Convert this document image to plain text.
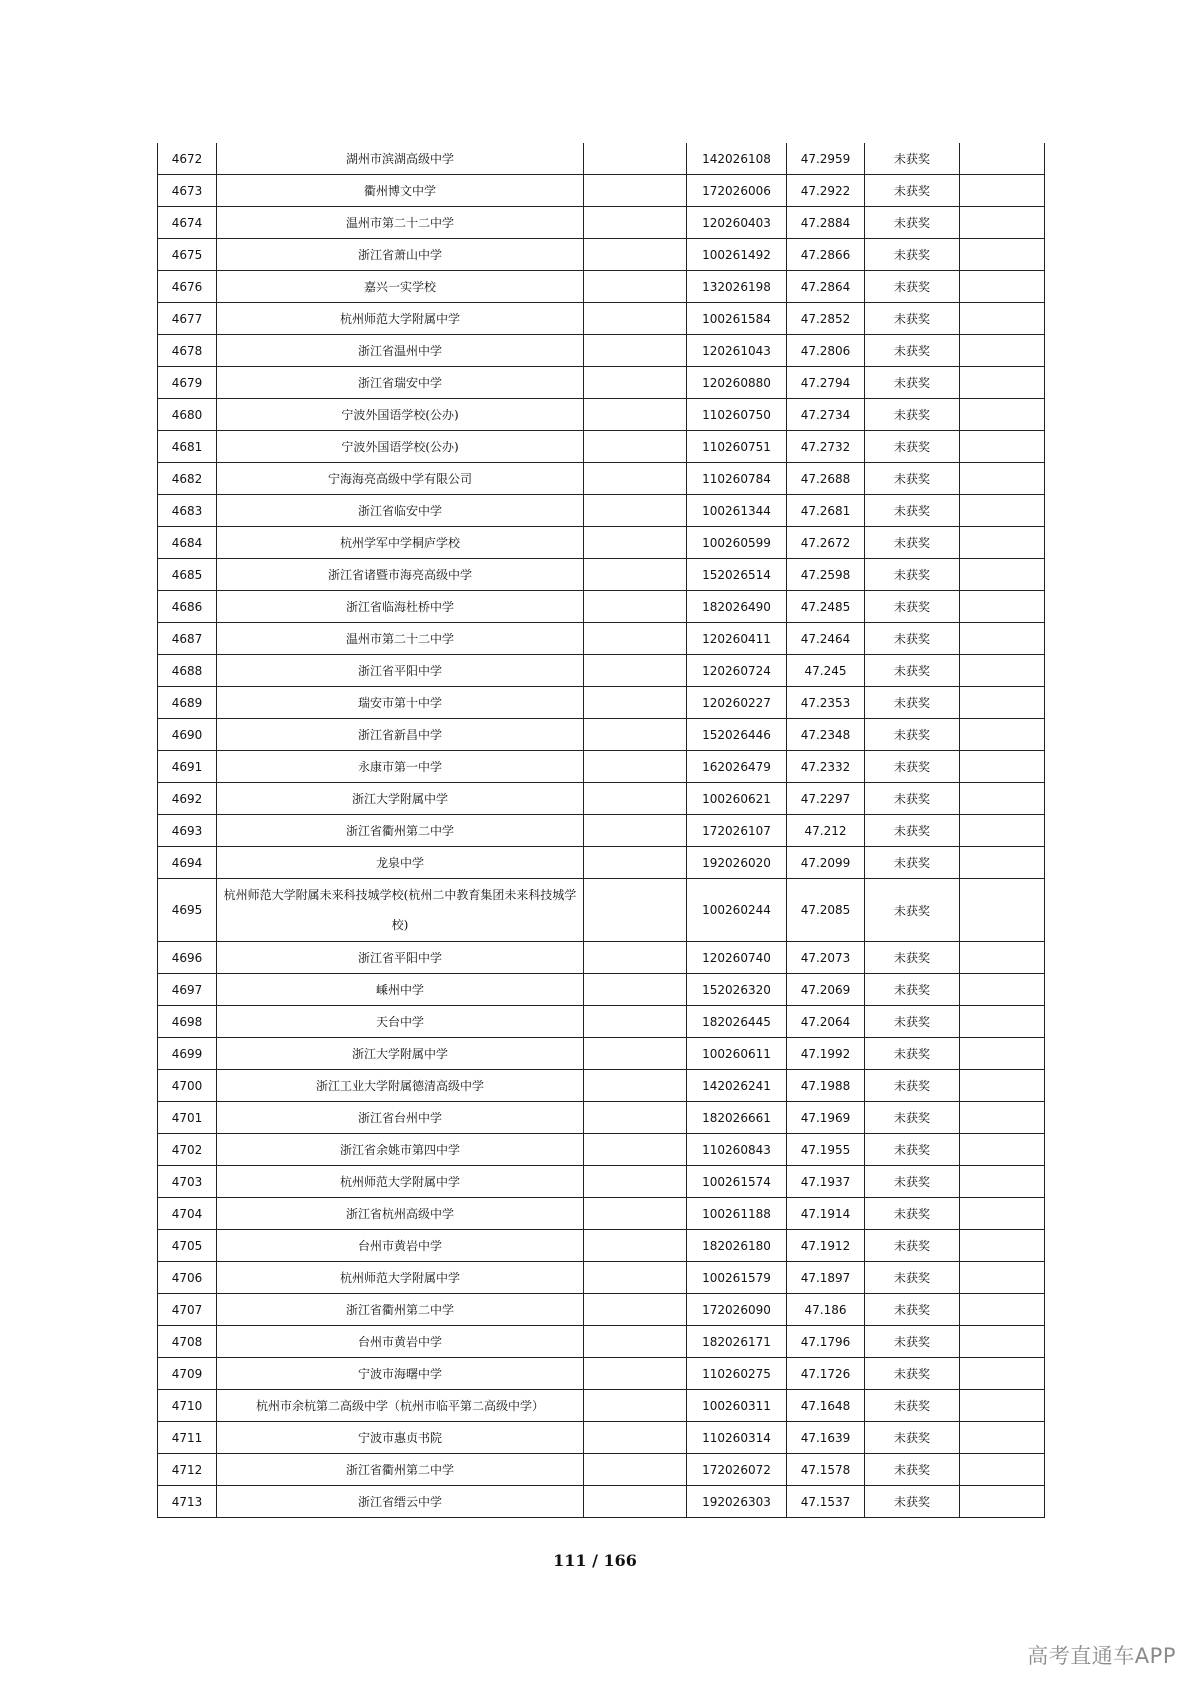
4672	湖州市滨湖高级中学		142026108	47.2959	未获奖	
4673	衢州博文中学		172026006	47.2922	未获奖	
4674	温州市第二十二中学		120260403	47.2884	未获奖	
4675	浙江省萧山中学		100261492	47.2866	未获奖	
4676	嘉兴一实学校		132026198	47.2864	未获奖	
4677	杭州师范大学附属中学		100261584	47.2852	未获奖	
4678	浙江省温州中学		120261043	47.2806	未获奖	
4679	浙江省瑞安中学		120260880	47.2794	未获奖	
4680	宁波外国语学校(公办)		110260750	47.2734	未获奖	
4681	宁波外国语学校(公办)		110260751	47.2732	未获奖	
4682	宁海海亮高级中学有限公司		110260784	47.2688	未获奖	
4683	浙江省临安中学		100261344	47.2681	未获奖	
4684	杭州学军中学桐庐学校		100260599	47.2672	未获奖	
4685	浙江省诸暨市海亮高级中学		152026514	47.2598	未获奖	
4686	浙江省临海杜桥中学		182026490	47.2485	未获奖	
4687	温州市第二十二中学		120260411	47.2464	未获奖	
4688	浙江省平阳中学		120260724	47.245	未获奖	
4689	瑞安市第十中学		120260227	47.2353	未获奖	
4690	浙江省新昌中学		152026446	47.2348	未获奖	
4691	永康市第一中学		162026479	47.2332	未获奖	
4692	浙江大学附属中学		100260621	47.2297	未获奖	
4693	浙江省衢州第二中学		172026107	47.212	未获奖	
4694	龙泉中学		192026020	47.2099	未获奖	
4695	杭州师范大学附属未来科技城学校(杭州二中教育集团未来科技城学校)		100260244	47.2085	未获奖	
4696	浙江省平阳中学		120260740	47.2073	未获奖	
4697	嵊州中学		152026320	47.2069	未获奖	
4698	天台中学		182026445	47.2064	未获奖	
4699	浙江大学附属中学		100260611	47.1992	未获奖	
4700	浙江工业大学附属德清高级中学		142026241	47.1988	未获奖	
4701	浙江省台州中学		182026661	47.1969	未获奖	
4702	浙江省余姚市第四中学		110260843	47.1955	未获奖	
4703	杭州师范大学附属中学		100261574	47.1937	未获奖	
4704	浙江省杭州高级中学		100261188	47.1914	未获奖	
4705	台州市黄岩中学		182026180	47.1912	未获奖	
4706	杭州师范大学附属中学		100261579	47.1897	未获奖	
4707	浙江省衢州第二中学		172026090	47.186	未获奖	
4708	台州市黄岩中学		182026171	47.1796	未获奖	
4709	宁波市海曙中学		110260275	47.1726	未获奖	
4710	杭州市余杭第二高级中学（杭州市临平第二高级中学）		100260311	47.1648	未获奖	
4711	宁波市惠贞书院		110260314	47.1639	未获奖	
4712	浙江省衢州第二中学		172026072	47.1578	未获奖	
4713	浙江省缙云中学		192026303	47.1537	未获奖	
111 / 166
高考直通车APP
